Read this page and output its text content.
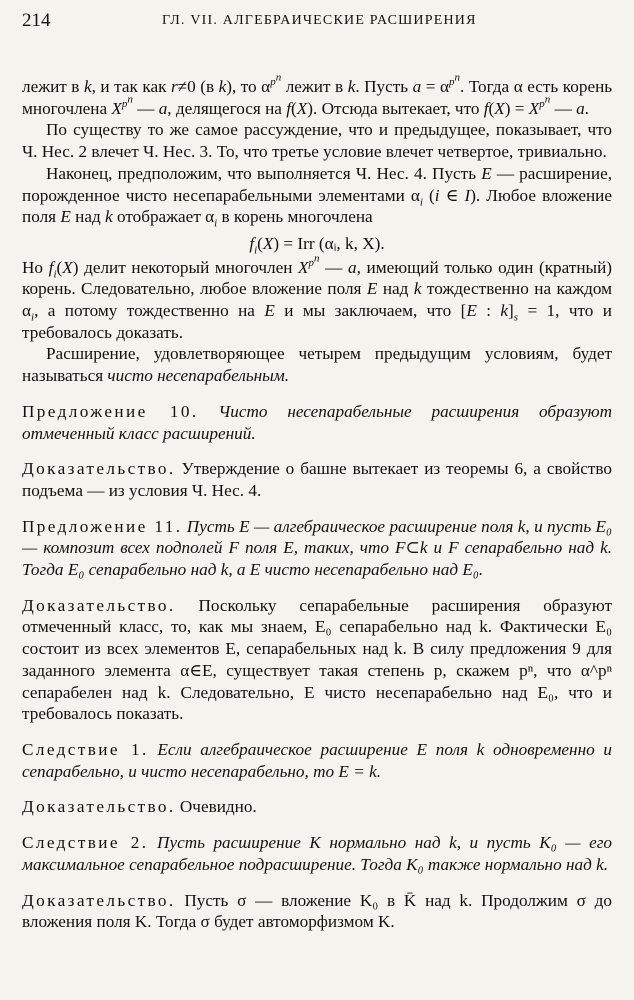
214	ГЛ. VII. АЛГЕБРАИЧЕСКИЕ РАСШИРЕНИЯ

лежит в k, и так как r≠0 (в k), то $\alpha^{p^n}$ лежит в k. Пусть $a = \alpha^{p^n}$. Тогда α есть корень многочлена $X^{p^n}$ — a, делящегося на f(X). Отсюда вытекает, что $f(X) = X^{p^n}$ — a.

По существу то же самое рассуждение, что и предыдущее, показывает, что Ч. Нес. 2 влечет Ч. Нес. 3. То, что третье условие влечет четвертое, тривиально.

Наконец, предположим, что выполняется Ч. Нес. 4. Пусть E — расширение, порожденное чисто несепарабельными элементами $\alpha_i$ (i ∈ I). Любое вложение поля E над k отображает $\alpha_i$ в корень многочлена

$f_i(X)$ = Irr (αᵢ, k, X).

Но $f_i(X)$ делит некоторый многочлен $X^{p^n}$ — a, имеющий только один (кратный) корень. Следовательно, любое вложение поля E над k тождественно на каждом $\alpha_i$, а потому тождественно на E и мы заключаем, что [E : $k]_s = 1$, что и требовалось доказать.

Расширение, удовлетворяющее четырем предыдущим условиям, будет называться чисто несепарабельным.

Предложение 10. Чисто несепарабельные расширения образуют отмеченный класс расширений.

Доказательство. Утверждение о башне вытекает из теоремы 6, а свойство подъема — из условия Ч. Нес. 4.

Предложение 11. Пусть E — алгебраическое расширение поля k, и пусть E₀ — композит всех подполей F поля E, таких, что F⊂k и F сепарабельно над k. Тогда E₀ сепарабельно над k, а E чисто несепарабельно над E₀.

Доказательство. Поскольку сепарабельные расширения образуют отмеченный класс, то, как мы знаем, E₀ сепарабельно над k. Фактически E₀ состоит из всех элементов E, сепарабельных над k. В силу предложения 9 для заданного элемента α∈E, существует такая степень p, скажем pⁿ, что α^pⁿ сепарабелен над k. Следовательно, E чисто несепарабельно над E₀, что и требовалось показать.

Следствие 1. Если алгебраическое расширение E поля k одновременно и сепарабельно, и чисто несепарабельно, то E = k.

Доказательство. Очевидно.

Следствие 2. Пусть расширение K нормально над k, и пусть K₀ — его максимальное сепарабельное подрасширение. Тогда K₀ также нормально над k.

Доказательство. Пусть σ — вложение K₀ в K̄ над k. Продолжим σ до вложения поля K. Тогда σ будет автоморфизмом K.
